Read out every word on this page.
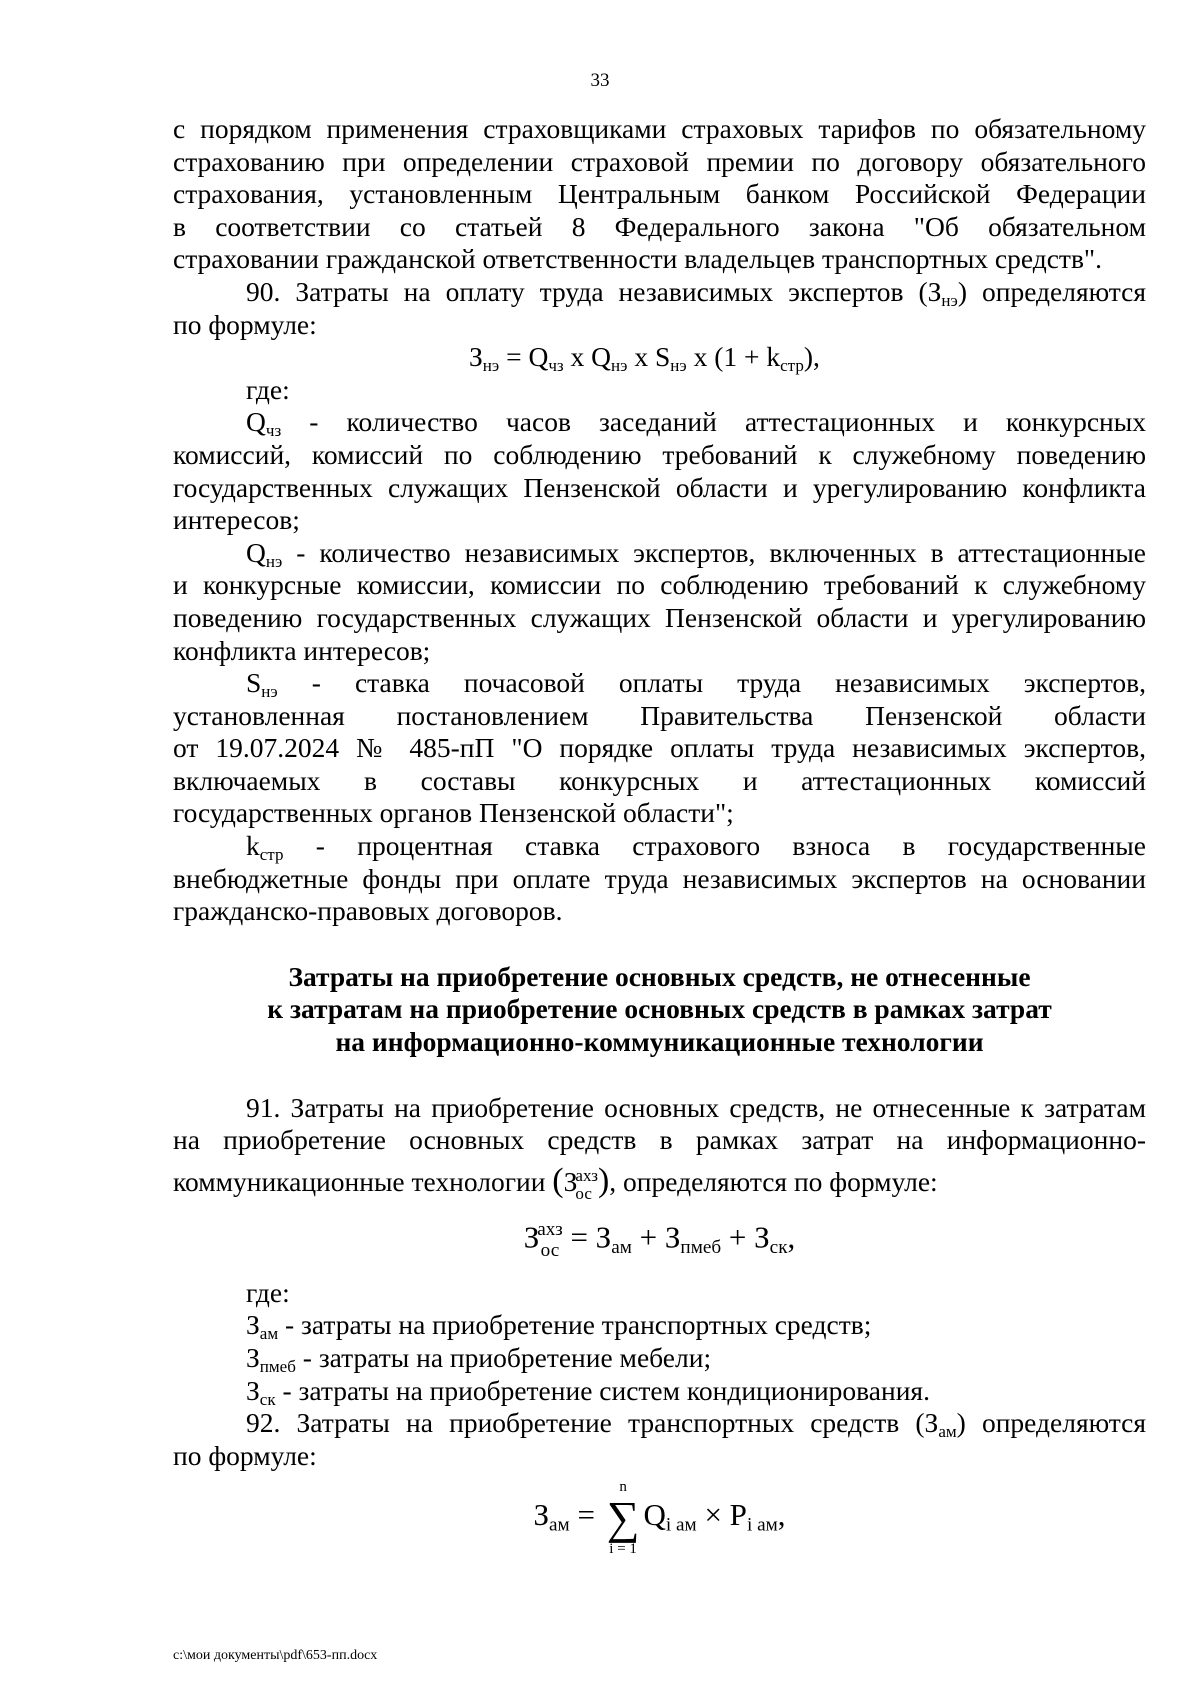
33

с порядком применения страховщиками страховых тарифов по обязательному

страхованию при определении страховой премии по договору обязательного

страхования, установленным Центральным банком Российской Федерации

в соответствии со статьей 8 Федерального закона "Об обязательном

страховании гражданской ответственности владельцев транспортных средств".

90. Затраты на оплату труда независимых экспертов $(З_{нэ})$ определяются

по формуле:

$З_{нэ} = Q_{чз}$ x $Q_{нэ}$ x $S_{нэ}$ x $(1 + k_{стр})$,

где:

$Q_{чз}$ - количество часов заседаний аттестационных и конкурсных

комиссий, комиссий по соблюдению требований к служебному поведению

государственных служащих Пензенской области и урегулированию конфликта

интересов;

$Q_{нэ}$ - количество независимых экспертов, включенных в аттестационные

и конкурсные комиссии, комиссии по соблюдению требований к служебному

поведению государственных служащих Пензенской области и урегулированию

конфликта интересов;

$S_{нэ}$ - ставка почасовой оплаты труда независимых экспертов,

установленная постановлением Правительства Пензенской области

от 19.07.2024 № 485-пП "О порядке оплаты труда независимых экспертов,

включаемых в составы конкурсных и аттестационных комиссий

государственных органов Пензенской области";

$k_{стр}$ - процентная ставка страхового взноса в государственные

внебюджетные фонды при оплате труда независимых экспертов на основании

гражданско-правовых договоров.

Затраты на приобретение основных средств, не отнесенные

к затратам на приобретение основных средств в рамках затрат

на информационно-коммуникационные технологии

91. Затраты на приобретение основных средств, не отнесенные к затратам

на приобретение основных средств в рамках затрат на информационно-

коммуникационные технологии (З
ахз
ос ), определяются по формуле:

З
ахз
ос = $З_{ам} + З_{пмеб} + З_{ск}$,

где:

$З_{ам}$ - затраты на приобретение транспортных средств;

$З_{пмеб}$ - затраты на приобретение мебели;

$З_{ск}$ - затраты на приобретение систем кондиционирования.

92. Затраты на приобретение транспортных средств $(З_{ам})$ определяются

по формуле:

$З_{ам}$ =
n
∑
i = 1
$Q_{i ам} \times P_{i ам}$,

c:\мои документы\pdf\653-пп.docx
